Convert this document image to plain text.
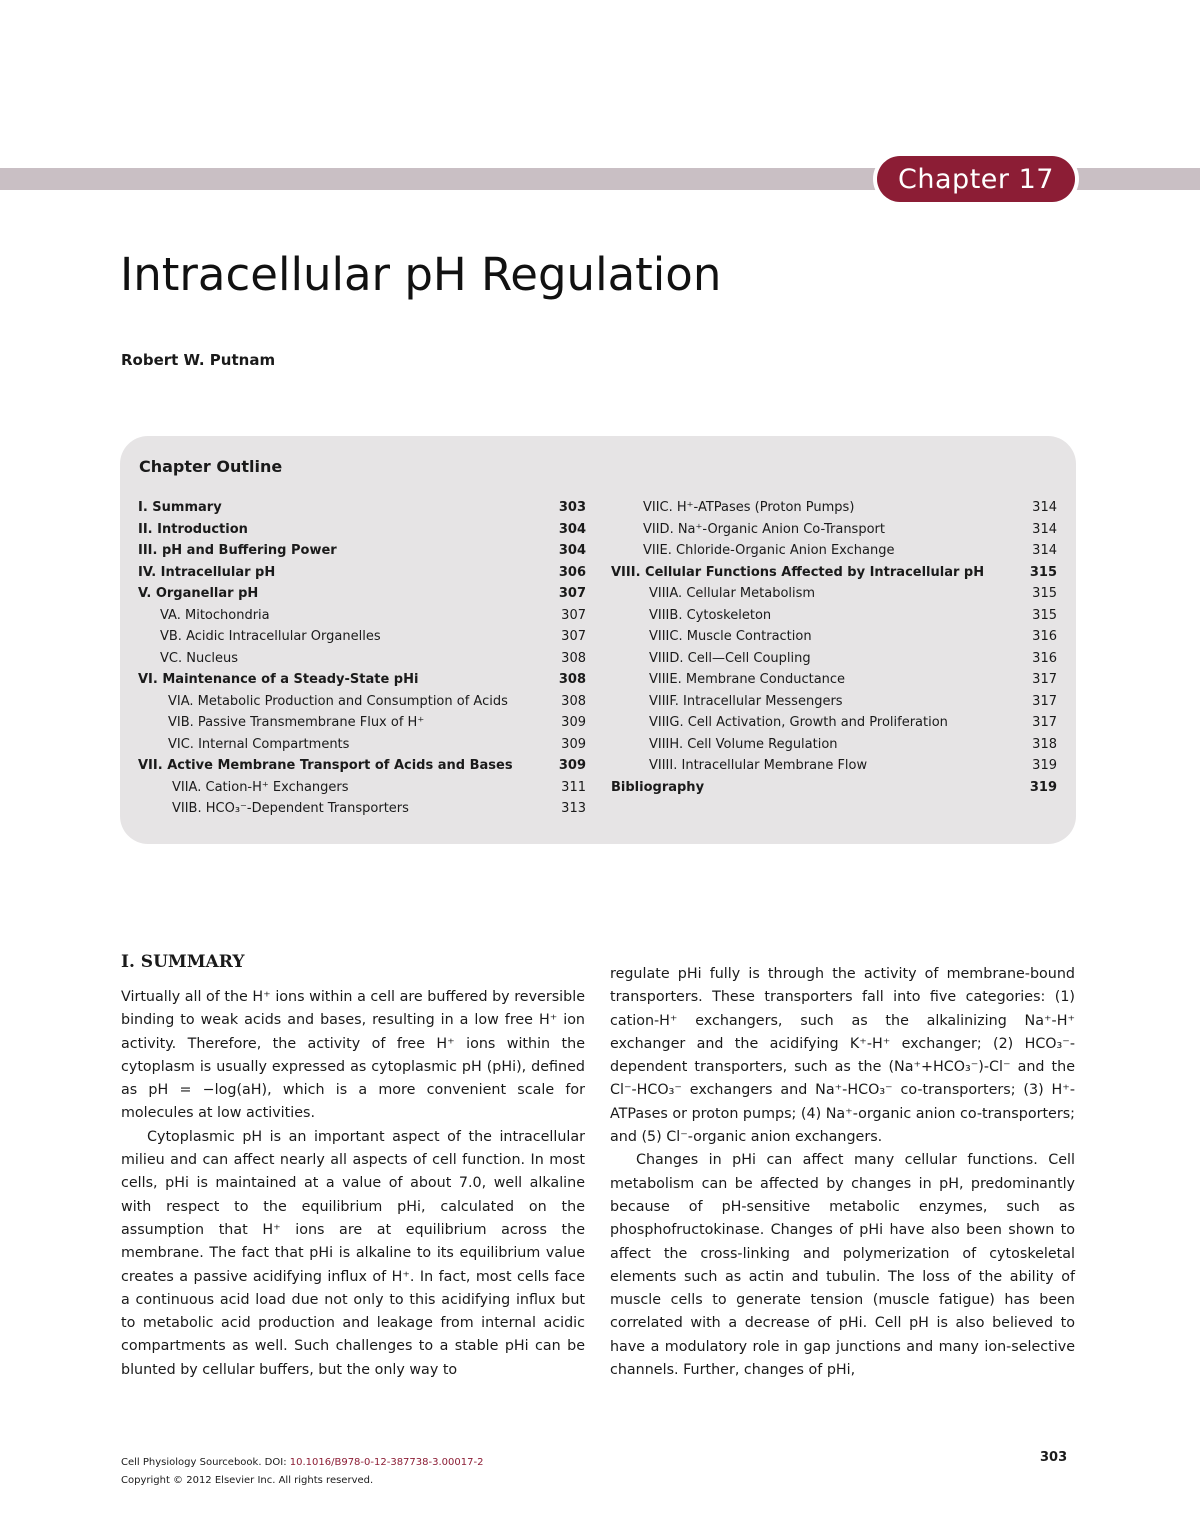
Chapter 17
Intracellular pH Regulation
Robert W. Putnam
Chapter Outline
I. Summary	303
II. Introduction	304
III. pH and Buffering Power	304
IV. Intracellular pH	306
V. Organellar pH	307
VA. Mitochondria	307
VB. Acidic Intracellular Organelles	307
VC. Nucleus	308
VI. Maintenance of a Steady-State pHi	308
VIA. Metabolic Production and Consumption of Acids	308
VIB. Passive Transmembrane Flux of H⁺	309
VIC. Internal Compartments	309
VII. Active Membrane Transport of Acids and Bases	309
VIIA. Cation-H⁺ Exchangers	311
VIIB. HCO₃⁻-Dependent Transporters	313
VIIC. H⁺-ATPases (Proton Pumps)	314
VIID. Na⁺-Organic Anion Co-Transport	314
VIIE. Chloride-Organic Anion Exchange	314
VIII. Cellular Functions Affected by Intracellular pH	315
VIIIA. Cellular Metabolism	315
VIIIB. Cytoskeleton	315
VIIIC. Muscle Contraction	316
VIIID. Cell—Cell Coupling	316
VIIIE. Membrane Conductance	317
VIIIF. Intracellular Messengers	317
VIIIG. Cell Activation, Growth and Proliferation	317
VIIIH. Cell Volume Regulation	318
VIIII. Intracellular Membrane Flow	319
Bibliography	319
I. SUMMARY

Virtually all of the H⁺ ions within a cell are buffered by reversible binding to weak acids and bases, resulting in a low free H⁺ ion activity. Therefore, the activity of free H⁺ ions within the cytoplasm is usually expressed as cytoplasmic pH (pHi), defined as pH = −log(aH), which is a more convenient scale for molecules at low activities.

Cytoplasmic pH is an important aspect of the intracellular milieu and can affect nearly all aspects of cell function. In most cells, pHi is maintained at a value of about 7.0, well alkaline with respect to the equilibrium pHi, calculated on the assumption that H⁺ ions are at equilibrium across the membrane. The fact that pHi is alkaline to its equilibrium value creates a passive acidifying influx of H⁺. In fact, most cells face a continuous acid load due not only to this acidifying influx but to metabolic acid production and leakage from internal acidic compartments as well. Such challenges to a stable pHi can be blunted by cellular buffers, but the only way to

regulate pHi fully is through the activity of membrane-bound transporters. These transporters fall into five categories: (1) cation-H⁺ exchangers, such as the alkalinizing Na⁺-H⁺ exchanger and the acidifying K⁺-H⁺ exchanger; (2) HCO₃⁻-dependent transporters, such as the (Na⁺+HCO₃⁻)-Cl⁻ and the Cl⁻-HCO₃⁻ exchangers and Na⁺-HCO₃⁻ co-transporters; (3) H⁺-ATPases or proton pumps; (4) Na⁺-organic anion co-transporters; and (5) Cl⁻-organic anion exchangers.

Changes in pHi can affect many cellular functions. Cell metabolism can be affected by changes in pH, predominantly because of pH-sensitive metabolic enzymes, such as phosphofructokinase. Changes of pHi have also been shown to affect the cross-linking and polymerization of cytoskeletal elements such as actin and tubulin. The loss of the ability of muscle cells to generate tension (muscle fatigue) has been correlated with a decrease of pHi. Cell pH is also believed to have a modulatory role in gap junctions and many ion-selective channels. Further, changes of pHi,

Cell Physiology Sourcebook. DOI: 10.1016/B978-0-12-387738-3.00017-2
Copyright © 2012 Elsevier Inc. All rights reserved.
303
